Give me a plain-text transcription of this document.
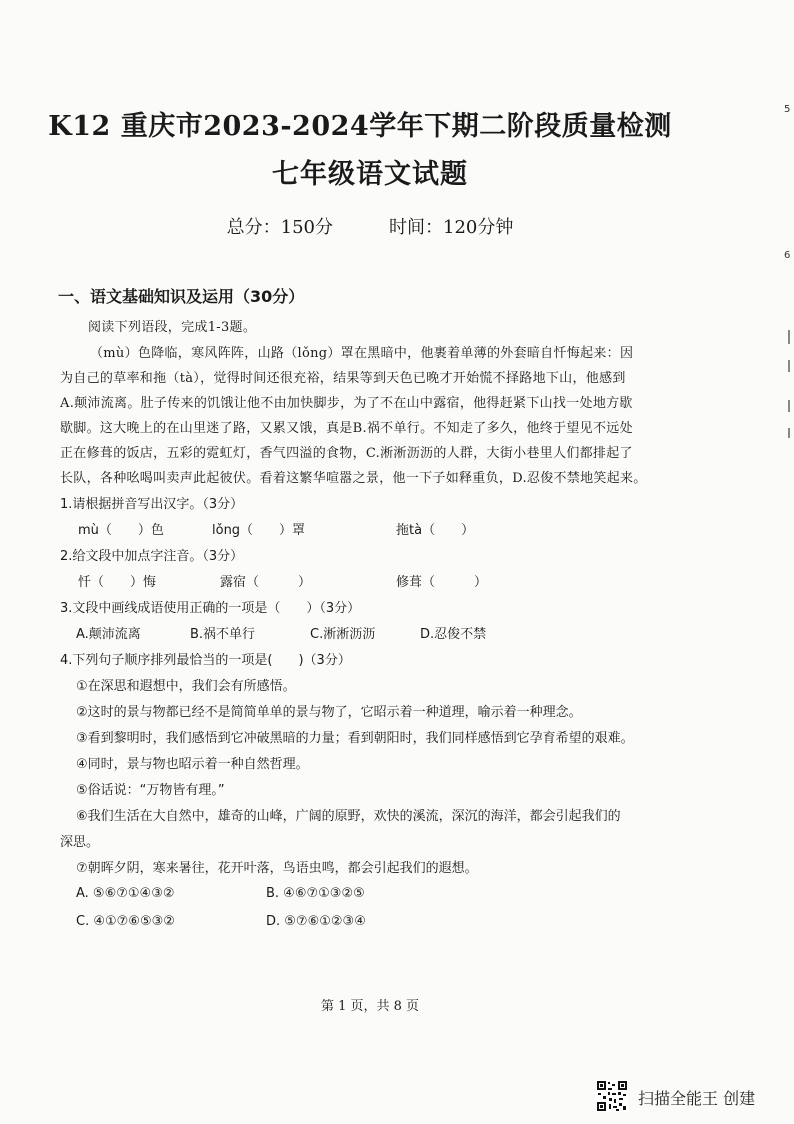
K12 重庆市2023-2024学年下期二阶段质量检测
七年级语文试题
总分：150分	时间：120分钟
一、语文基础知识及运用（30分）
阅读下列语段，完成1-3题。
（mù）色降临，寒风阵阵，山路（lǒng）罩在黑暗中，他裹着单薄的外套暗自忏悔起来：因
为自己的草率和拖（tà），觉得时间还很充裕，结果等到天色已晚才开始慌不择路地下山，他感到
A.颠沛流离。肚子传来的饥饿让他不由加快脚步，为了不在山中露宿，他得赶紧下山找一处地方歇
歇脚。这大晚上的在山里迷了路，又累又饿，真是B.祸不单行。不知走了多久，他终于望见不远处
正在修葺的饭店，五彩的霓虹灯，香气四溢的食物，C.淅淅沥沥的人群，大街小巷里人们都排起了
长队，各种吆喝叫卖声此起彼伏。看着这繁华喧嚣之景，他一下子如释重负，D.忍俊不禁地笑起来。
1.请根据拼音写出汉字。（3分）
mù（　　）色	lǒng（　　）罩	拖tà（　　）
2.给文段中加点字注音。（3分）
忏（　　）悔	露宿（　　　）	修葺（　　　）
3.文段中画线成语使用正确的一项是（　　）（3分）
A.颠沛流离	B.祸不单行	C.淅淅沥沥	D.忍俊不禁
4.下列句子顺序排列最恰当的一项是(　　)（3分）
①在深思和遐想中，我们会有所感悟。
②这时的景与物都已经不是简简单单的景与物了，它昭示着一种道理，喻示着一种理念。
③看到黎明时，我们感悟到它冲破黑暗的力量；看到朝阳时，我们同样感悟到它孕育希望的艰难。
④同时，景与物也昭示着一种自然哲理。
⑤俗话说：“万物皆有理。”
⑥我们生活在大自然中，雄奇的山峰，广阔的原野，欢快的溪流，深沉的海洋，都会引起我们的
深思。
⑦朝晖夕阴，寒来暑往，花开叶落，鸟语虫鸣，都会引起我们的遐想。
A. ⑤⑥⑦①④③②	B. ④⑥⑦①③②⑤
C. ④①⑦⑥⑤③②	D. ⑤⑦⑥①②③④
第 1 页，共 8 页
5
6
扫描全能王 创建
